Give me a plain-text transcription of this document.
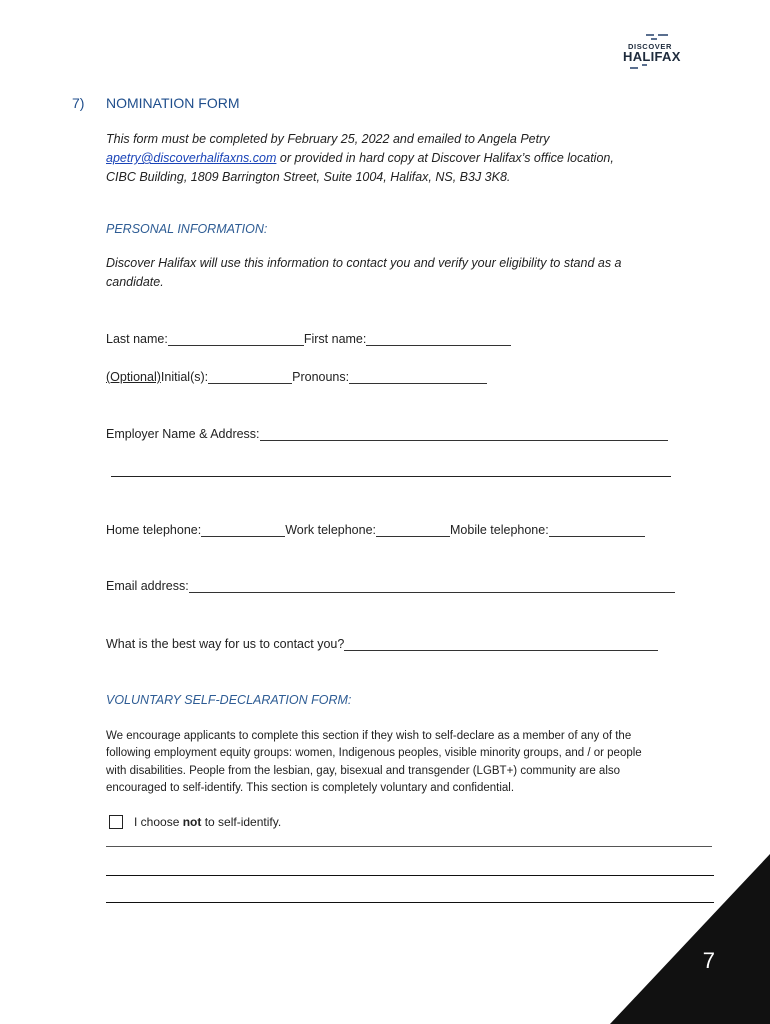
DISCOVER
HALIFAX
7) NOMINATION FORM
This form must be completed by February 25, 2022 and emailed to Angela Petry
apetry@discoverhalifaxns.com or provided in hard copy at Discover Halifax’s office location,
CIBC Building, 1809 Barrington Street, Suite 1004, Halifax, NS, B3J 3K8.
PERSONAL INFORMATION:
Discover Halifax will use this information to contact you and verify your eligibility to stand as a
candidate.
Last name:	First name:
(Optional) Initial(s):	Pronouns:
Employer Name & Address:
Home telephone:	Work telephone:	Mobile telephone:
Email address:
What is the best way for us to contact you?
VOLUNTARY SELF-DECLARATION FORM:
We encourage applicants to complete this section if they wish to self-declare as a member of any of the
following employment equity groups: women, Indigenous peoples, visible minority groups, and / or people
with disabilities. People from the lesbian, gay, bisexual and transgender (LGBT+) community are also
encouraged to self-identify. This section is completely voluntary and confidential.
I choose not to self-identify.
7
